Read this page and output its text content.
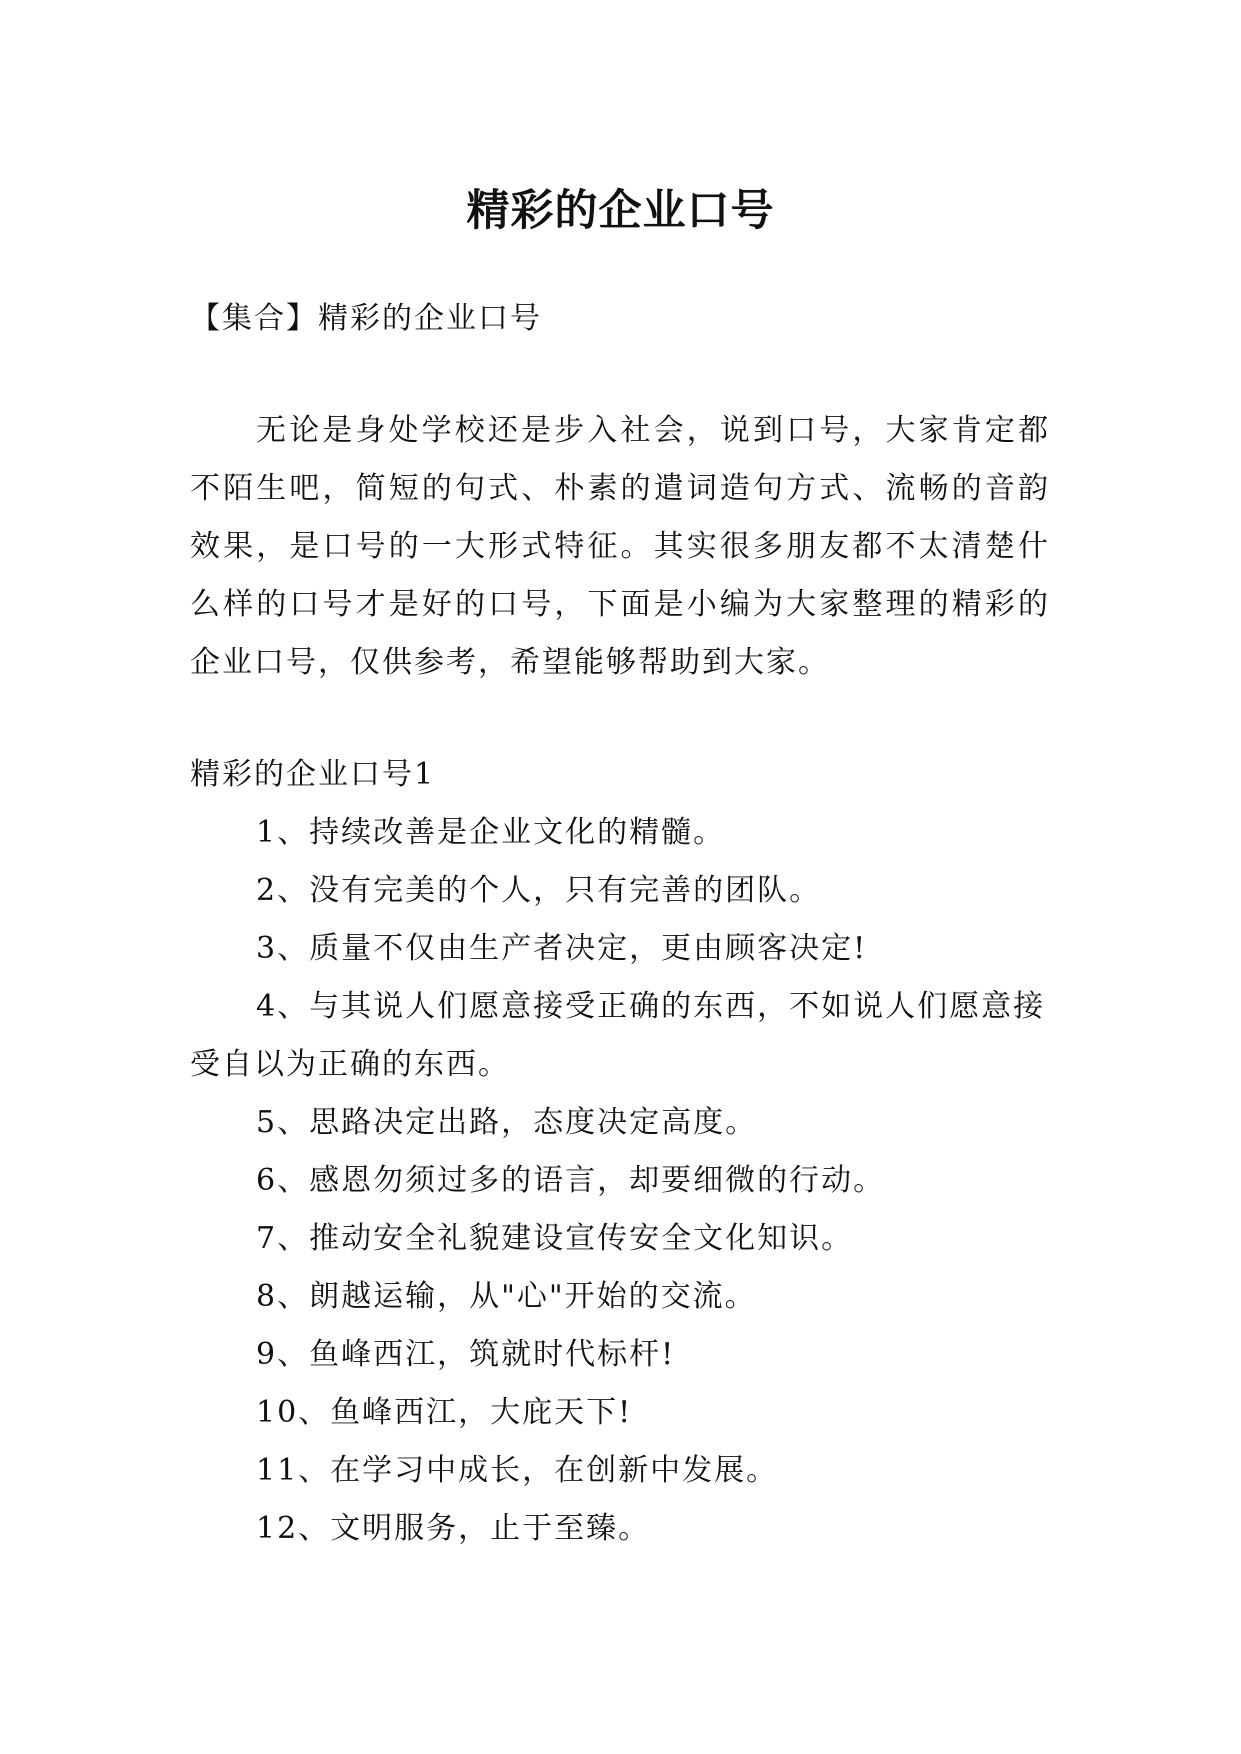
精彩的企业口号

【集合】精彩的企业口号

无论是身处学校还是步入社会，说到口号，大家肯定都不陌生吧，简短的句式、朴素的遣词造句方式、流畅的音韵效果，是口号的一大形式特征。其实很多朋友都不太清楚什么样的口号才是好的口号，下面是小编为大家整理的精彩的企业口号，仅供参考，希望能够帮助到大家。

精彩的企业口号1

1、持续改善是企业文化的精髓。
2、没有完美的个人，只有完善的团队。
3、质量不仅由生产者决定，更由顾客决定!
4、与其说人们愿意接受正确的东西，不如说人们愿意接受自以为正确的东西。
5、思路决定出路，态度决定高度。
6、感恩勿须过多的语言，却要细微的行动。
7、推动安全礼貌建设宣传安全文化知识。
8、朗越运输，从"心"开始的交流。
9、鱼峰西江，筑就时代标杆!
10、鱼峰西江，大庇天下!
11、在学习中成长，在创新中发展。
12、文明服务，止于至臻。
